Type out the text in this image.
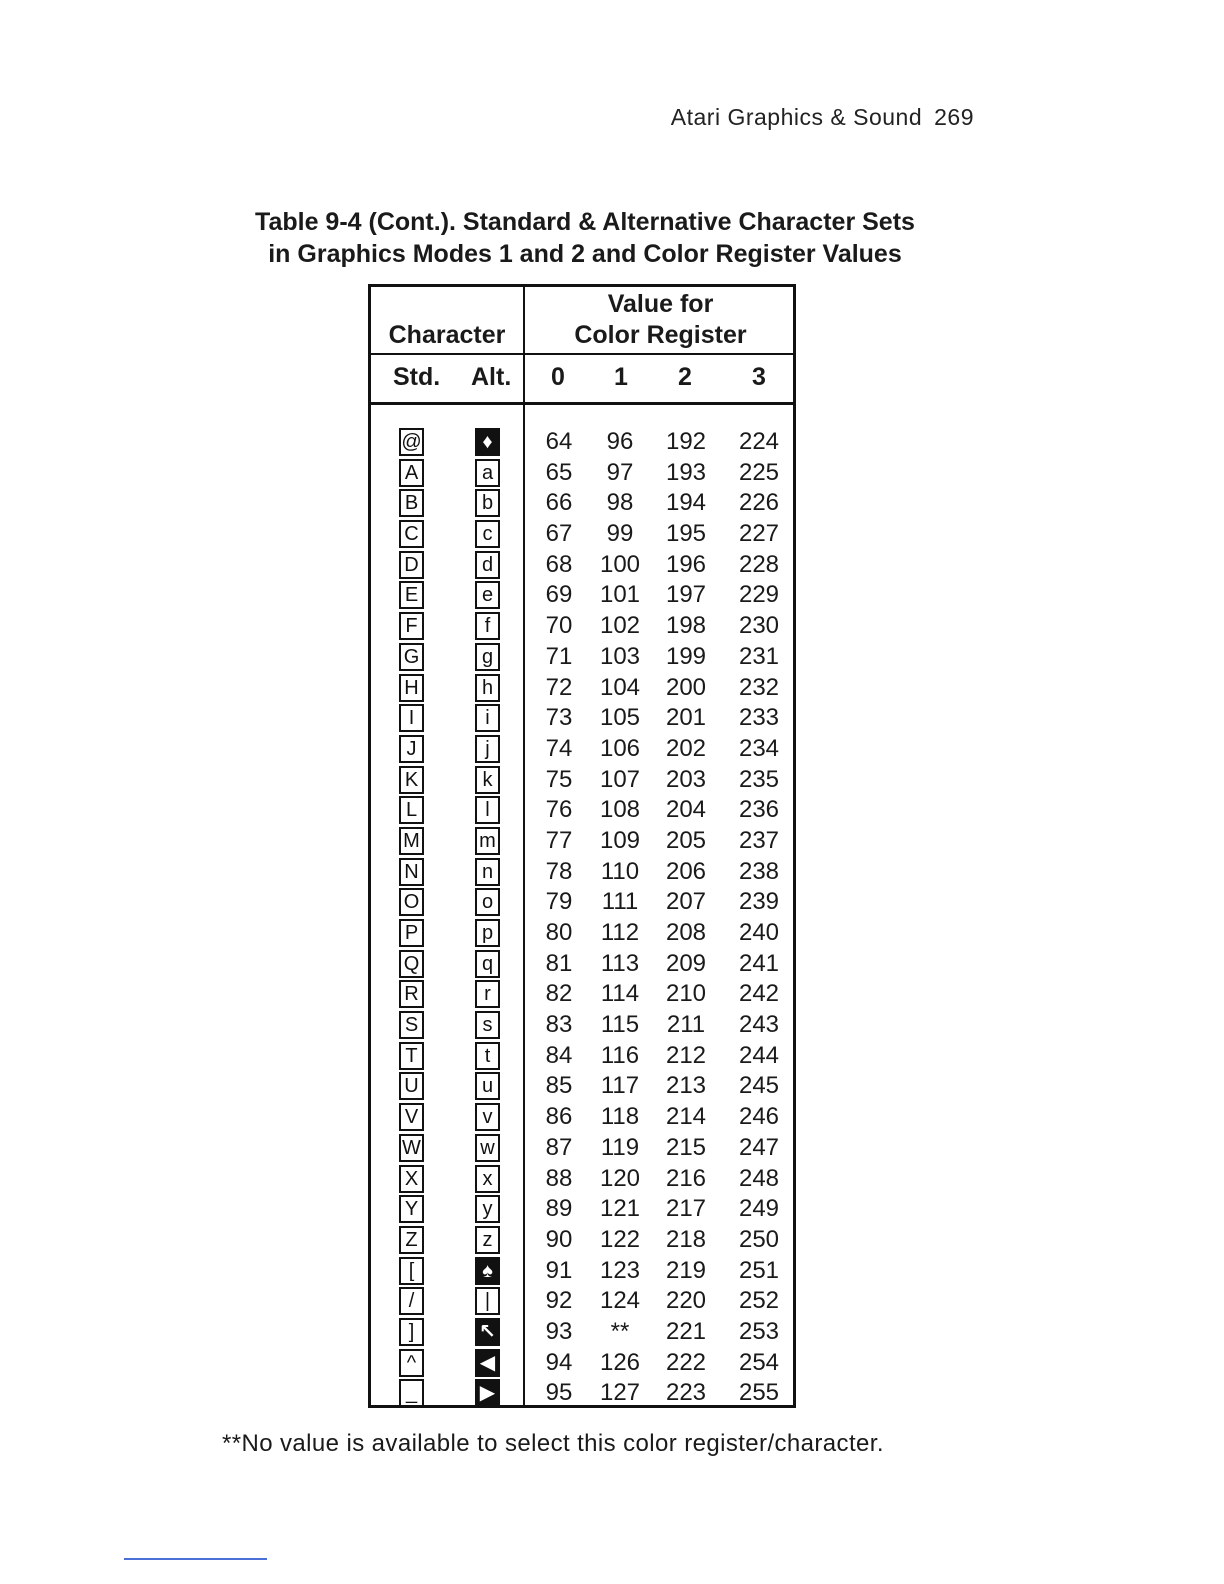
Atari Graphics & Sound 269
Table 9-4 (Cont.). Standard & Alternative Character Sets
in Graphics Modes 1 and 2 and Color Register Values
Character
Value for
Color Register
Std. Alt. 0 1 2 3
@	♦	64	96	192	224
A	a	65	97	193	225
B	b	66	98	194	226
C	c	67	99	195	227
D	d	68	100	196	228
E	e	69	101	197	229
F	f	70	102	198	230
G	g	71	103	199	231
H	h	72	104	200	232
I	i	73	105	201	233
J	j	74	106	202	234
K	k	75	107	203	235
L	l	76	108	204	236
M	m	77	109	205	237
N	n	78	110	206	238
O	o	79	111	207	239
P	p	80	112	208	240
Q	q	81	113	209	241
R	r	82	114	210	242
S	s	83	115	211	243
T	t	84	116	212	244
U	u	85	117	213	245
V	v	86	118	214	246
W	w	87	119	215	247
X	x	88	120	216	248
Y	y	89	121	217	249
Z	z	90	122	218	250
[	♠	91	123	219	251
/	|	92	124	220	252
]	↖	93	**	221	253
^	◀	94	126	222	254
_	▶	95	127	223	255
**No value is available to select this color register/character.
